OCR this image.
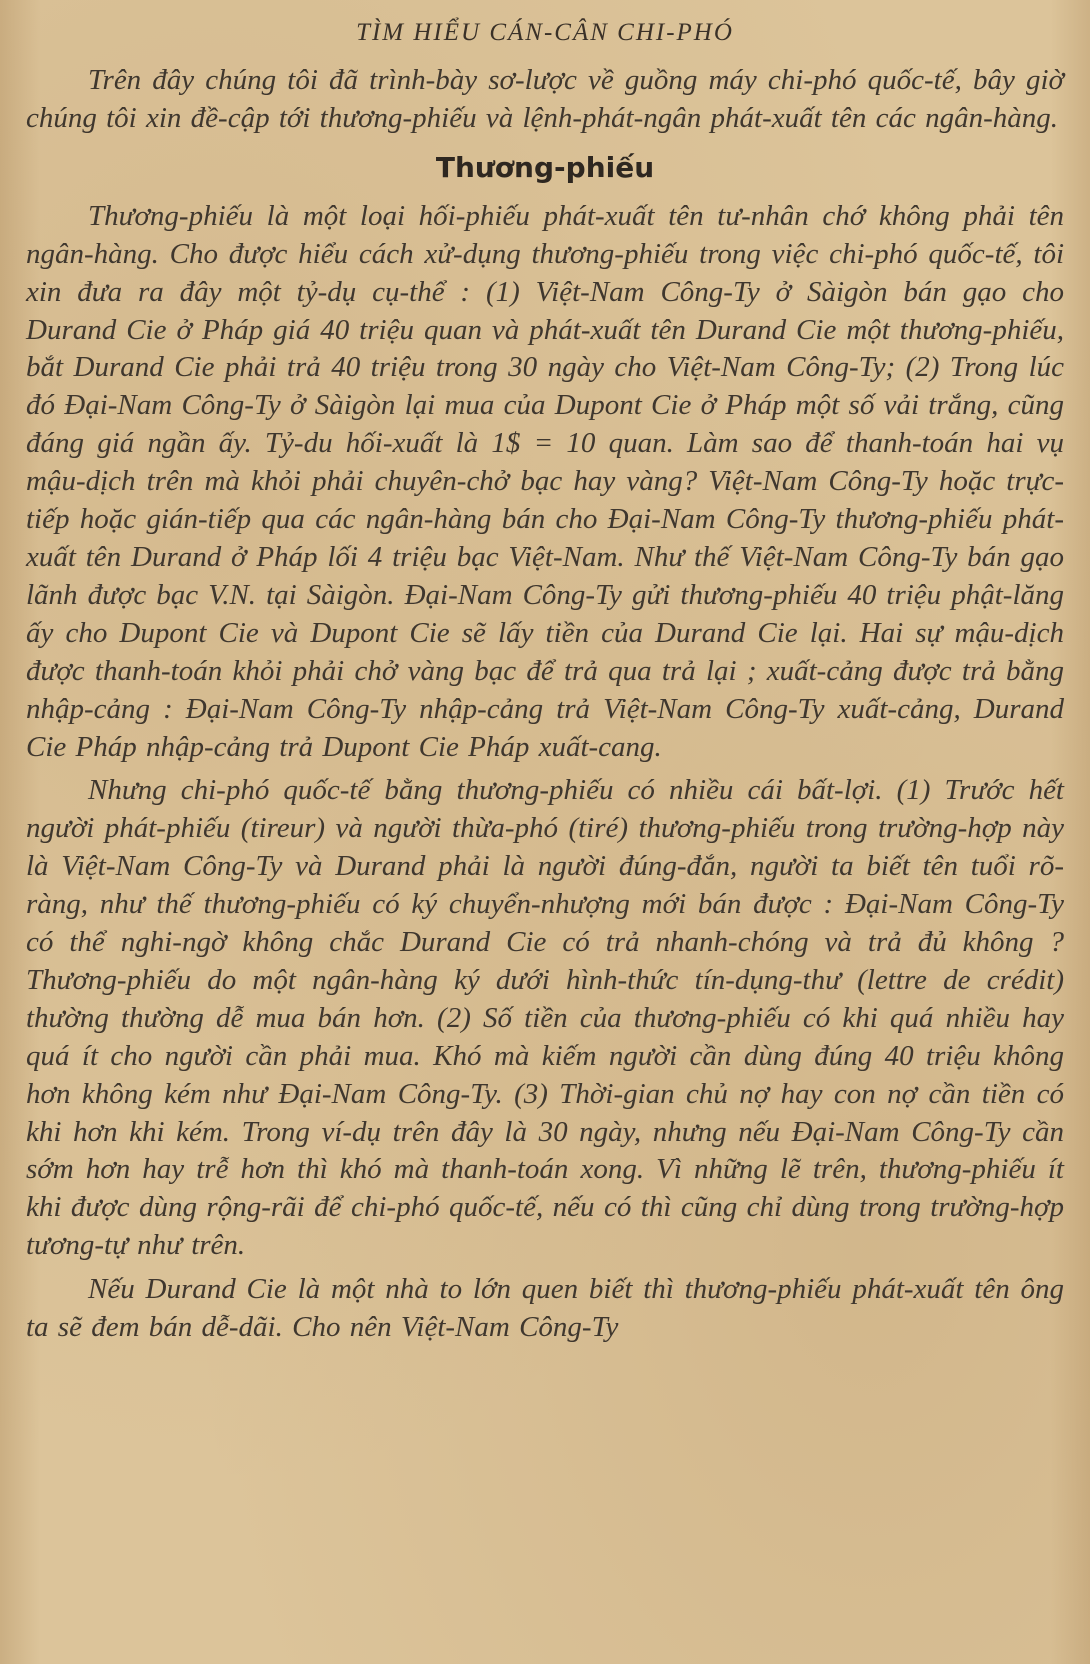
TÌM HIỂU CÁN-CÂN CHI-PHÓ

Trên đây chúng tôi đã trình-bày sơ-lược về guồng máy chi-phó quốc-tế, bây giờ chúng tôi xin đề-cập tới thương-phiếu và lệnh-phát-ngân phát-xuất tên các ngân-hàng.

Thương-phiếu

Thương-phiếu là một loại hối-phiếu phát-xuất tên tư-nhân chớ không phải tên ngân-hàng. Cho được hiểu cách xử-dụng thương-phiếu trong việc chi-phó quốc-tế, tôi xin đưa ra đây một tỷ-dụ cụ-thể : (1) Việt-Nam Công-Ty ở Sàigòn bán gạo cho Durand Cie ở Pháp giá 40 triệu quan và phát-xuất tên Durand Cie một thương-phiếu, bắt Durand Cie phải trả 40 triệu trong 30 ngày cho Việt-Nam Công-Ty; (2) Trong lúc đó Đại-Nam Công-Ty ở Sàigòn lại mua của Dupont Cie ở Pháp một số vải trắng, cũng đáng giá ngần ấy. Tỷ-du hối-xuất là 1$ = 10 quan. Làm sao để thanh-toán hai vụ mậu-dịch trên mà khỏi phải chuyên-chở bạc hay vàng? Việt-Nam Công-Ty hoặc trực-tiếp hoặc gián-tiếp qua các ngân-hàng bán cho Đại-Nam Công-Ty thương-phiếu phát-xuất tên Durand ở Pháp lối 4 triệu bạc Việt-Nam. Như thế Việt-Nam Công-Ty bán gạo lãnh được bạc V.N. tại Sàigòn. Đại-Nam Công-Ty gửi thương-phiếu 40 triệu phật-lăng ấy cho Dupont Cie và Dupont Cie sẽ lấy tiền của Durand Cie lại. Hai sự mậu-dịch được thanh-toán khỏi phải chở vàng bạc để trả qua trả lại ; xuất-cảng được trả bằng nhập-cảng : Đại-Nam Công-Ty nhập-cảng trả Việt-Nam Công-Ty xuất-cảng, Durand Cie Pháp nhập-cảng trả Dupont Cie Pháp xuất-cang.

Nhưng chi-phó quốc-tế bằng thương-phiếu có nhiều cái bất-lợi. (1) Trước hết người phát-phiếu (tireur) và người thừa-phó (tiré) thương-phiếu trong trường-hợp này là Việt-Nam Công-Ty và Durand phải là người đúng-đắn, người ta biết tên tuổi rõ-ràng, như thế thương-phiếu có ký chuyển-nhượng mới bán được : Đại-Nam Công-Ty có thể nghi-ngờ không chắc Durand Cie có trả nhanh-chóng và trả đủ không ? Thương-phiếu do một ngân-hàng ký dưới hình-thức tín-dụng-thư (lettre de crédit) thường thường dễ mua bán hơn. (2) Số tiền của thương-phiếu có khi quá nhiều hay quá ít cho người cần phải mua. Khó mà kiếm người cần dùng đúng 40 triệu không hơn không kém như Đại-Nam Công-Ty. (3) Thời-gian chủ nợ hay con nợ cần tiền có khi hơn khi kém. Trong ví-dụ trên đây là 30 ngày, nhưng nếu Đại-Nam Công-Ty cần sớm hơn hay trễ hơn thì khó mà thanh-toán xong. Vì những lẽ trên, thương-phiếu ít khi được dùng rộng-rãi để chi-phó quốc-tế, nếu có thì cũng chỉ dùng trong trường-hợp tương-tự như trên.

Nếu Durand Cie là một nhà to lớn quen biết thì thương-phiếu phát-xuất tên ông ta sẽ đem bán dễ-dãi. Cho nên Việt-Nam Công-Ty
